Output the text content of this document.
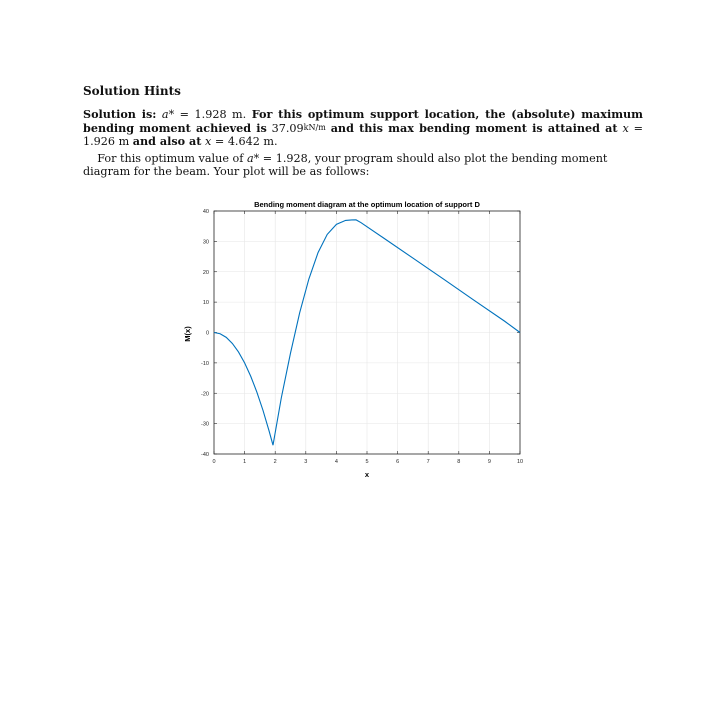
Solution Hints
Solution is: a* = 1.928 m. For this optimum support location, the (absolute) maximum bending moment achieved is 37.09kN/m and this max bending moment is attained at x = 1.926 m and also at x = 4.642 m.
For this optimum value of a* = 1.928, your program should also plot the bending moment diagram for the beam. Your plot will be as follows:
0	1	2	3	4	5	6	7	8	9	10
40
30
20
10
0
-10
-20
-30
-40
Bending moment diagram at the optimum location of support D
x
M(x)
